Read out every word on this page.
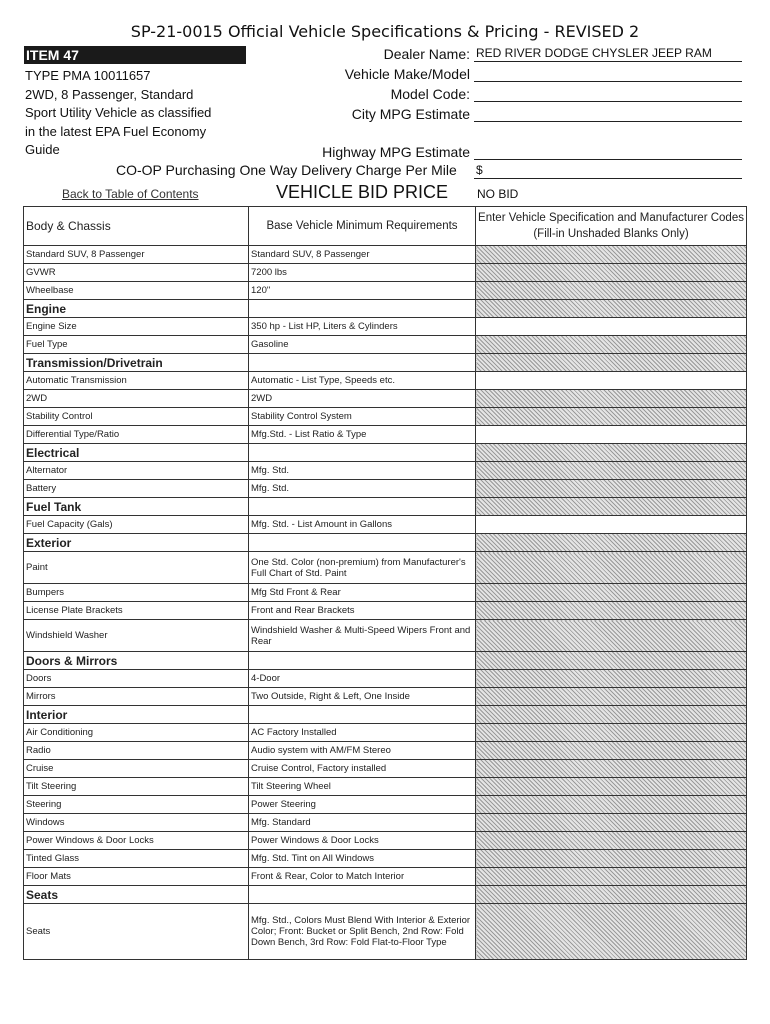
SP-21-0015 Official Vehicle Specifications & Pricing - REVISED 2
ITEM 47
TYPE PMA 10011657
2WD, 8 Passenger, Standard
Sport Utility Vehicle as classified
in the latest EPA Fuel Economy
Guide
Dealer Name: RED RIVER DODGE CHYSLER JEEP RAM
Vehicle Make/Model
Model Code:
City MPG Estimate
Highway MPG Estimate
CO-OP Purchasing One Way Delivery Charge Per Mile $
Back to Table of Contents	VEHICLE BID PRICE NO BID
Body & Chassis	Base Vehicle Minimum Requirements	Enter Vehicle Specification and Manufacturer Codes (Fill-in Unshaded Blanks Only)
Standard SUV, 8 Passenger	Standard SUV, 8 Passenger	
GVWR	7200 lbs	
Wheelbase	120"	
Engine		
Engine Size	350 hp - List HP, Liters & Cylinders	
Fuel Type	Gasoline	
Transmission/Drivetrain		
Automatic Transmission	Automatic - List Type, Speeds etc.	
2WD	2WD	
Stability Control	Stability Control System	
Differential Type/Ratio	Mfg.Std. - List Ratio & Type	
Electrical		
Alternator	Mfg. Std.	
Battery	Mfg. Std.	
Fuel Tank		
Fuel Capacity (Gals)	Mfg. Std. - List Amount in Gallons	
Exterior		
Paint	One Std. Color (non-premium) from Manufacturer's Full Chart of Std. Paint	
Bumpers	Mfg Std Front & Rear	
License Plate Brackets	Front and Rear Brackets	
Windshield Washer	Windshield Washer & Multi-Speed Wipers Front and Rear	
Doors & Mirrors		
Doors	4-Door	
Mirrors	Two Outside, Right & Left, One Inside	
Interior		
Air Conditioning	AC Factory Installed	
Radio	Audio system with AM/FM Stereo	
Cruise	Cruise Control, Factory installed	
Tilt Steering	Tilt Steering Wheel	
Steering	Power Steering	
Windows	Mfg. Standard	
Power Windows & Door Locks	Power Windows & Door Locks	
Tinted Glass	Mfg. Std. Tint on All Windows	
Floor Mats	Front & Rear, Color to Match Interior	
Seats		
Seats	Mfg. Std., Colors Must Blend With Interior & Exterior Color; Front: Bucket or Split Bench, 2nd Row: Fold Down Bench, 3rd Row: Fold Flat-to-Floor Type	
